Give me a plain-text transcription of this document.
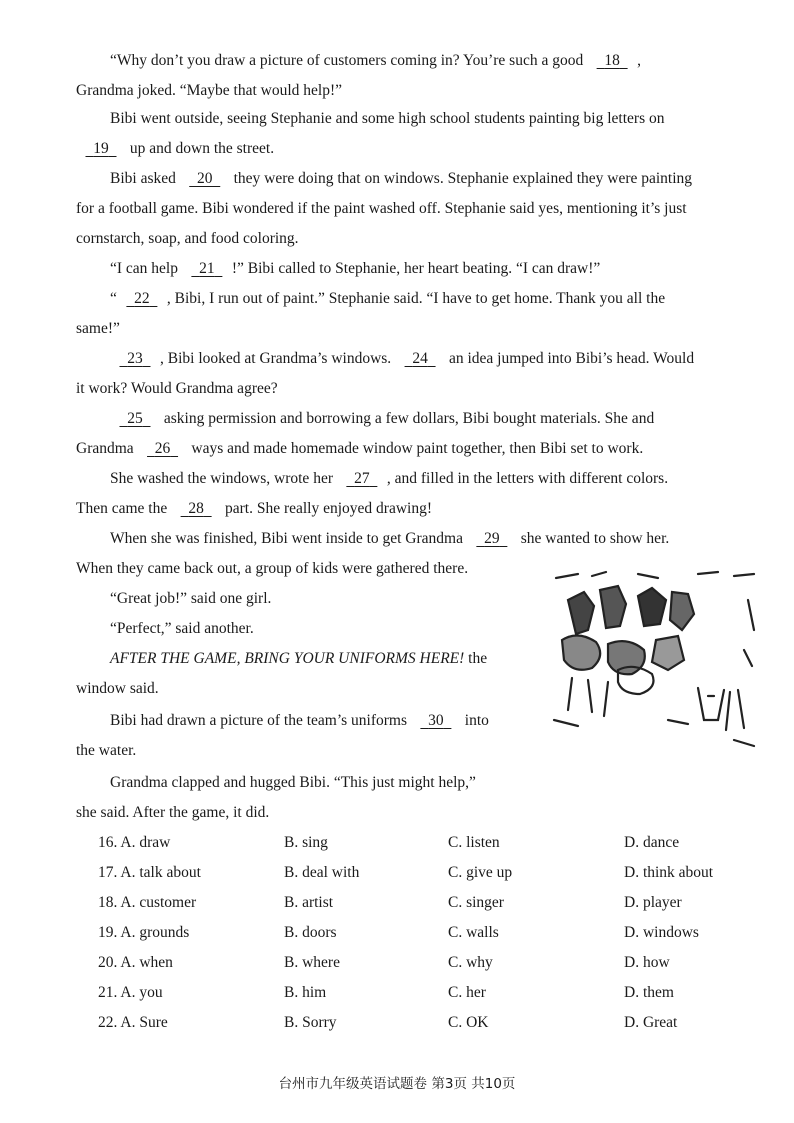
“Why don’t you draw a picture of customers coming in? You’re such a good 18 ,
Grandma joked. “Maybe that would help!”
Bibi went outside, seeing Stephanie and some high school students painting big letters on
19 up and down the street.
Bibi asked 20 they were doing that on windows. Stephanie explained they were painting
for a football game. Bibi wondered if the paint washed off. Stephanie said yes, mentioning it’s just
cornstarch, soap, and food coloring.
“I can help 21 !” Bibi called to Stephanie, her heart beating. “I can draw!”
“ 22 , Bibi, I run out of paint.” Stephanie said. “I have to get home. Thank you all the
same!”
23 , Bibi looked at Grandma’s windows. 24 an idea jumped into Bibi’s head. Would
it work? Would Grandma agree?
25 asking permission and borrowing a few dollars, Bibi bought materials. She and
Grandma 26 ways and made homemade window paint together, then Bibi set to work.
She washed the windows, wrote her 27 , and filled in the letters with different colors.
Then came the 28 part. She really enjoyed drawing!
When she was finished, Bibi went inside to get Grandma 29 she wanted to show her.
When they came back out, a group of kids were gathered there.
“Great job!” said one girl.
“Perfect,” said another.
AFTER THE GAME, BRING YOUR UNIFORMS HERE! the
window said.
Bibi had drawn a picture of the team’s uniforms 30 into
the water.
Grandma clapped and hugged Bibi. “This just might help,”
she said. After the game, it did.
16. A. draw	B. sing	C. listen	D. dance
17. A. talk about	B. deal with	C. give up	D. think about
18. A. customer	B. artist	C. singer	D. player
19. A. grounds	B. doors	C. walls	D. windows
20. A. when	B. where	C. why	D. how
21. A. you	B. him	C. her	D. them
22. A. Sure	B. Sorry	C. OK	D. Great
台州市九年级英语试题卷 第3页 共10页
